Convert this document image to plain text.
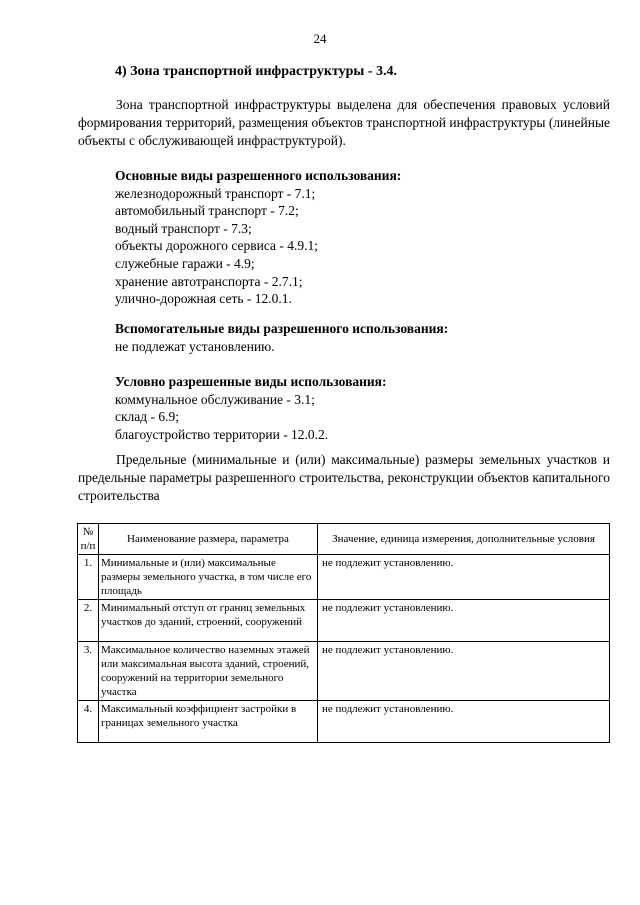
24
4) Зона транспортной инфраструктуры - 3.4.
Зона транспортной инфраструктуры выделена для обеспечения правовых условий формирования территорий, размещения объектов транспортной инфраструктуры (линейные объекты с обслуживающей инфраструктурой).
Основные виды разрешенного использования:
железнодорожный транспорт - 7.1;
автомобильный транспорт - 7.2;
водный транспорт - 7.3;
объекты дорожного сервиса - 4.9.1;
служебные гаражи - 4.9;
хранение автотранспорта - 2.7.1;
улично-дорожная сеть - 12.0.1.
Вспомогательные виды разрешенного использования:
не подлежат установлению.
Условно разрешенные виды использования:
коммунальное обслуживание - 3.1;
склад - 6.9;
благоустройство территории - 12.0.2.
Предельные (минимальные и (или) максимальные) размеры земельных участков и предельные параметры разрешенного строительства, реконструкции объектов капитального строительства
№ п/п	Наименование размера, параметра	Значение, единица измерения, дополнительные условия
1.	Минимальные и (или) максимальные размеры земельного участка, в том числе его площадь	не подлежит установлению.
2.	Минимальный отступ от границ земельных участков до зданий, строений, сооружений	не подлежит установлению.
3.	Максимальное количество наземных этажей или максимальная высота зданий, строений, сооружений на территории земельного участка	не подлежит установлению.
4.	Максимальный коэффициент застройки в границах земельного участка	не подлежит установлению.
